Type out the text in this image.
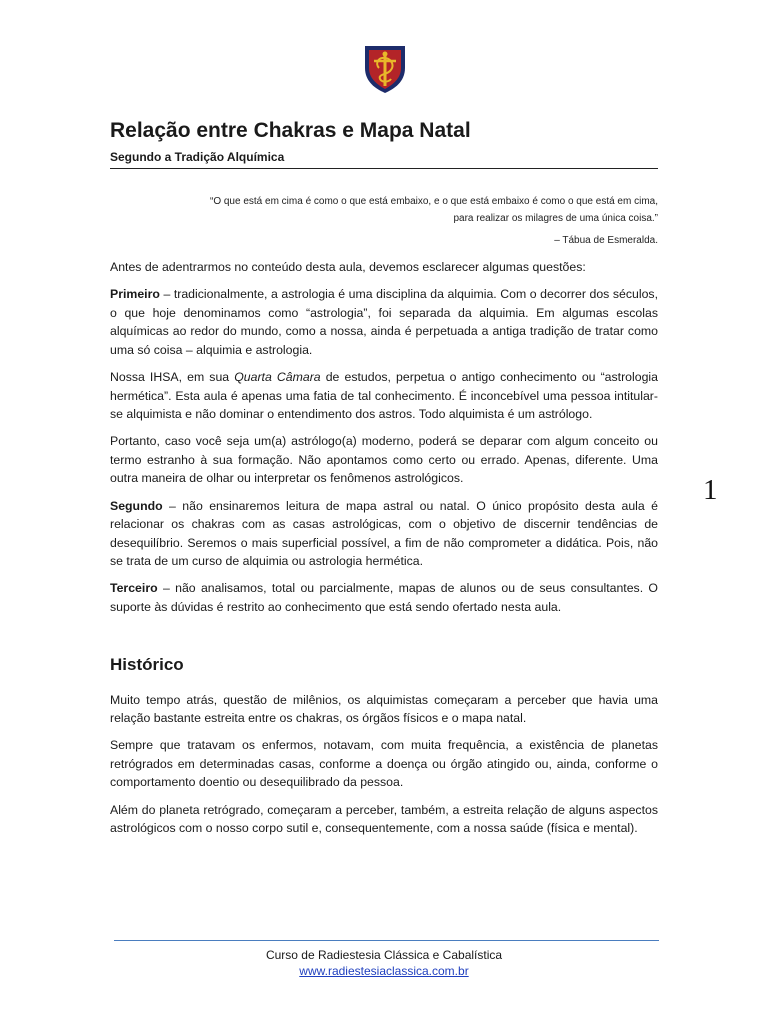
1
Relação entre Chakras e Mapa Natal
Segundo a Tradição Alquímica
“O que está em cima é como o que está embaixo, e o que está embaixo é como o que está em cima,
para realizar os milagres de uma única coisa.”
– Tábua de Esmeralda.

Antes de adentrarmos no conteúdo desta aula, devemos esclarecer algumas questões:

Primeiro – tradicionalmente, a astrologia é uma disciplina da alquimia. Com o decorrer dos séculos, o que hoje denominamos como “astrologia”, foi separada da alquimia. Em algumas escolas alquímicas ao redor do mundo, como a nossa, ainda é perpetuada a antiga tradição de tratar como uma só coisa – alquimia e astrologia.

Nossa IHSA, em sua Quarta Câmara de estudos, perpetua o antigo conhecimento ou “astrologia hermética”. Esta aula é apenas uma fatia de tal conhecimento. É inconcebível uma pessoa intitular-se alquimista e não dominar o entendimento dos astros. Todo alquimista é um astrólogo.

Portanto, caso você seja um(a) astrólogo(a) moderno, poderá se deparar com algum conceito ou termo estranho à sua formação. Não apontamos como certo ou errado. Apenas, diferente. Uma outra maneira de olhar ou interpretar os fenômenos astrológicos.

Segundo – não ensinaremos leitura de mapa astral ou natal. O único propósito desta aula é relacionar os chakras com as casas astrológicas, com o objetivo de discernir tendências de desequilíbrio. Seremos o mais superficial possível, a fim de não comprometer a didática. Pois, não se trata de um curso de alquimia ou astrologia hermética.

Terceiro – não analisamos, total ou parcialmente, mapas de alunos ou de seus consultantes. O suporte às dúvidas é restrito ao conhecimento que está sendo ofertado nesta aula.

Histórico

Muito tempo atrás, questão de milênios, os alquimistas começaram a perceber que havia uma relação bastante estreita entre os chakras, os órgãos físicos e o mapa natal.

Sempre que tratavam os enfermos, notavam, com muita frequência, a existência de planetas retrógrados em determinadas casas, conforme a doença ou órgão atingido ou, ainda, conforme o comportamento doentio ou desequilibrado da pessoa.

Além do planeta retrógrado, começaram a perceber, também, a estreita relação de alguns aspectos astrológicos com o nosso corpo sutil e, consequentemente, com a nossa saúde (física e mental).

Curso de Radiestesia Clássica e Cabalística
www.radiestesiaclassica.com.br
